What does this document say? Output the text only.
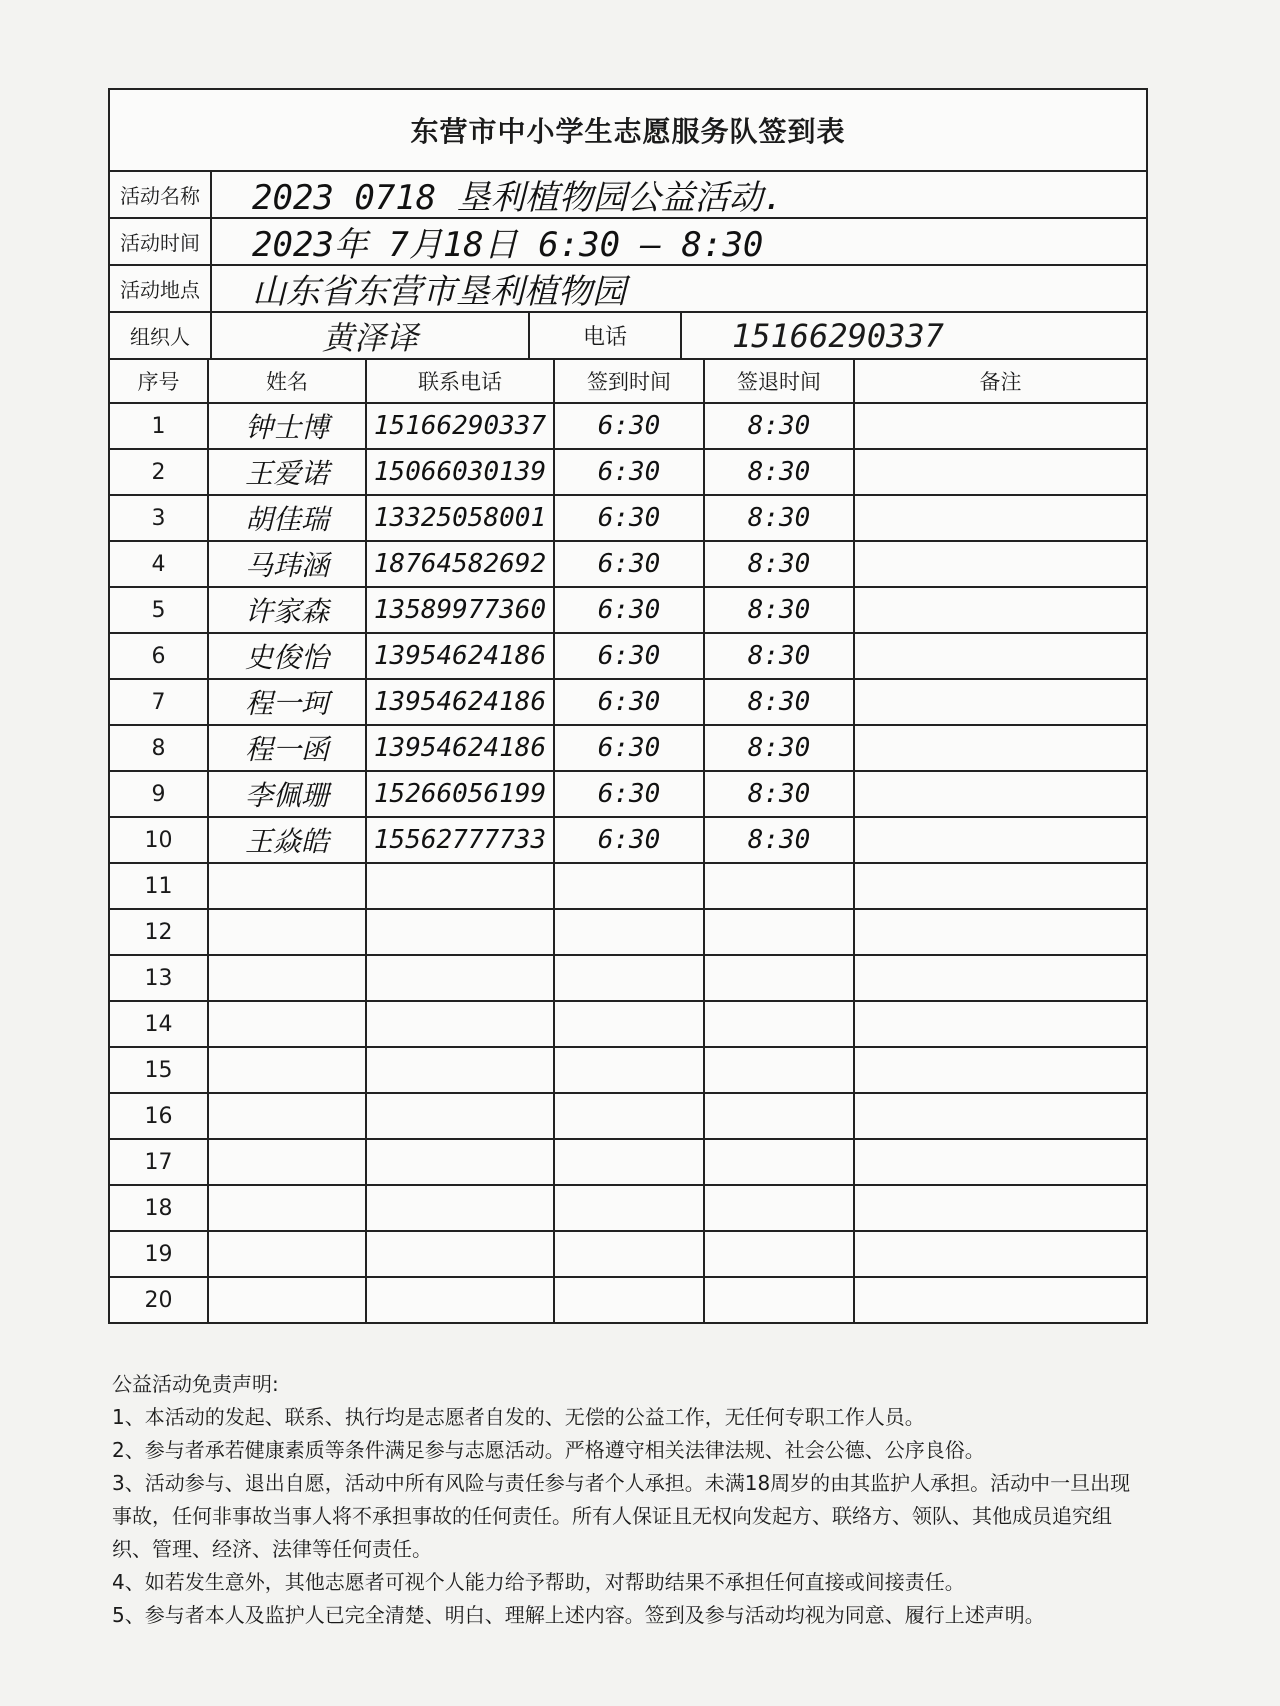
东营市中小学生志愿服务队签到表
活动名称	2023 0718 垦利植物园公益活动.
活动时间	2023年 7月18日 6:30 — 8:30
活动地点	山东省东营市垦利植物园
组织人	黄泽译	电话	15166290337
序号	姓名	联系电话	签到时间	签退时间	备注
1	钟士博	15166290337	6:30	8:30	
2	王爱诺	15066030139	6:30	8:30	
3	胡佳瑞	13325058001	6:30	8:30	
4	马玮涵	18764582692	6:30	8:30	
5	许家森	13589977360	6:30	8:30	
6	史俊怡	13954624186	6:30	8:30	
7	程一珂	13954624186	6:30	8:30	
8	程一函	13954624186	6:30	8:30	
9	李佩珊	15266056199	6:30	8:30	
10	王焱皓	15562777733	6:30	8:30	
11					
12					
13					
14					
15					
16					
17					
18					
19					
20					

公益活动免责声明:

1、本活动的发起、联系、执行均是志愿者自发的、无偿的公益工作，无任何专职工作人员。

2、参与者承若健康素质等条件满足参与志愿活动。严格遵守相关法律法规、社会公德、公序良俗。

3、活动参与、退出自愿，活动中所有风险与责任参与者个人承担。未满18周岁的由其监护人承担。活动中一旦出现事故，任何非事故当事人将不承担事故的任何责任。所有人保证且无权向发起方、联络方、领队、其他成员追究组织、管理、经济、法律等任何责任。

4、如若发生意外，其他志愿者可视个人能力给予帮助，对帮助结果不承担任何直接或间接责任。

5、参与者本人及监护人已完全清楚、明白、理解上述内容。签到及参与活动均视为同意、履行上述声明。
